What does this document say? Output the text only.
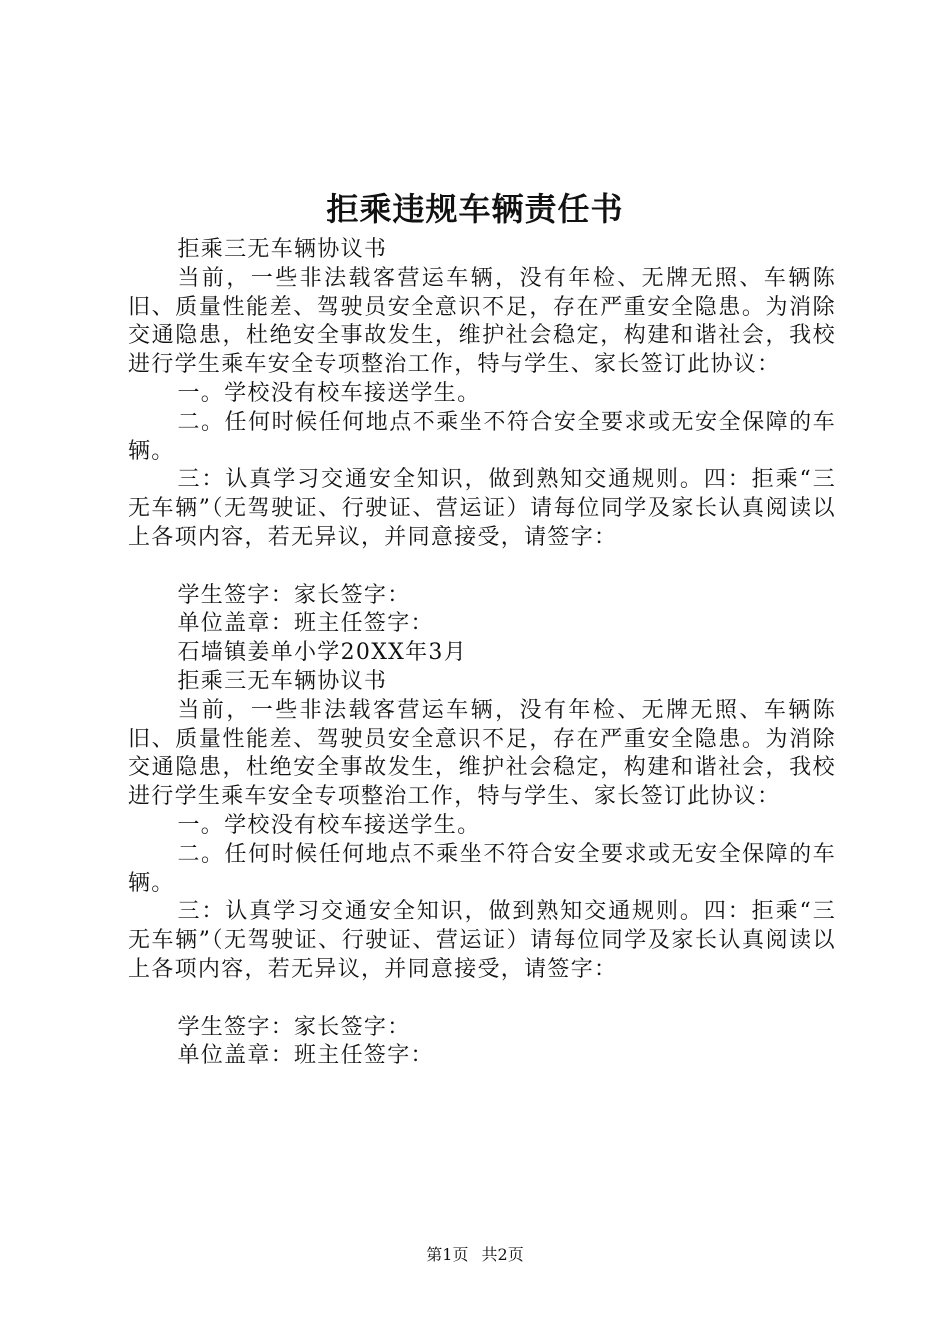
拒乘违规车辆责任书

拒乘三无车辆协议书

当前，一些非法载客营运车辆，没有年检、无牌无照、车辆陈旧、质量性能差、驾驶员安全意识不足，存在严重安全隐患。为消除交通隐患，杜绝安全事故发生，维护社会稳定，构建和谐社会，我校进行学生乘车安全专项整治工作，特与学生、家长签订此协议：

一。学校没有校车接送学生。

二。任何时候任何地点不乘坐不符合安全要求或无安全保障的车辆。

三：认真学习交通安全知识，做到熟知交通规则。四：拒乘“三无车辆”（无驾驶证、行驶证、营运证）请每位同学及家长认真阅读以上各项内容，若无异议，并同意接受，请签字：

学生签字：家长签字：

单位盖章：班主任签字：

石墙镇姜单小学20XX年3月

拒乘三无车辆协议书

当前，一些非法载客营运车辆，没有年检、无牌无照、车辆陈旧、质量性能差、驾驶员安全意识不足，存在严重安全隐患。为消除交通隐患，杜绝安全事故发生，维护社会稳定，构建和谐社会，我校进行学生乘车安全专项整治工作，特与学生、家长签订此协议：

一。学校没有校车接送学生。

二。任何时候任何地点不乘坐不符合安全要求或无安全保障的车辆。

三：认真学习交通安全知识，做到熟知交通规则。四：拒乘“三无车辆”（无驾驶证、行驶证、营运证）请每位同学及家长认真阅读以上各项内容，若无异议，并同意接受，请签字：

学生签字：家长签字：

单位盖章：班主任签字：

第1页 共2页
